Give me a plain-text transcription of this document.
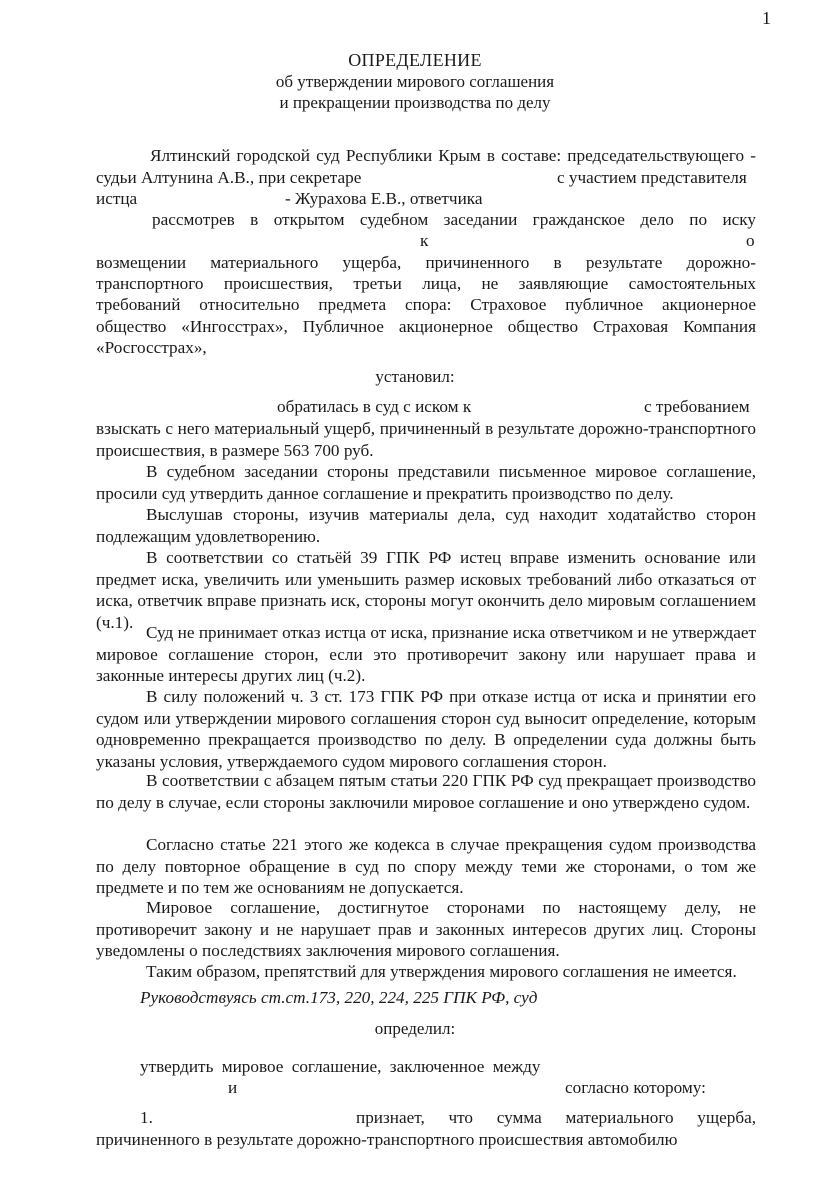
1
ОПРЕДЕЛЕНИЕ
об утверждении мирового соглашения
и прекращении производства по делу
Ялтинский городской суд Республики Крым в составе: председательствующего -
судьи Алтунина А.В., при секретаре	с участием представителя
истца	- Журахова Е.В., ответчика
рассмотрев в открытом судебном заседании гражданское дело по иску
к	о
возмещении материального ущерба, причиненного в результате дорожно-
транспортного происшествия, третьи лица, не заявляющие самостоятельных
требований относительно предмета спора: Страховое публичное акционерное
общество «Ингосстрах», Публичное акционерное общество Страховая Компания
«Росгосстрах»,
установил:
обратилась в суд с иском к	с требованием
взыскать с него материальный ущерб, причиненный в результате дорожно-транспортного происшествия, в размере 563 700 руб.
В судебном заседании стороны представили письменное мировое соглашение, просили суд утвердить данное соглашение и прекратить производство по делу.
Выслушав стороны, изучив материалы дела, суд находит ходатайство сторон подлежащим удовлетворению.
В соответствии со статьёй 39 ГПК РФ истец вправе изменить основание или предмет иска, увеличить или уменьшить размер исковых требований либо отказаться от иска, ответчик вправе признать иск, стороны могут окончить дело мировым соглашением (ч.1).
Суд не принимает отказ истца от иска, признание иска ответчиком и не утверждает мировое соглашение сторон, если это противоречит закону или нарушает права и законные интересы других лиц (ч.2).
В силу положений ч. 3 ст. 173 ГПК РФ при отказе истца от иска и принятии его судом или утверждении мирового соглашения сторон суд выносит определение, которым одновременно прекращается производство по делу. В определении суда должны быть указаны условия, утверждаемого судом мирового соглашения сторон.
В соответствии с абзацем пятым статьи 220 ГПК РФ суд прекращает производство по делу в случае, если стороны заключили мировое соглашение и оно утверждено судом.
Согласно статье 221 этого же кодекса в случае прекращения судом производства по делу повторное обращение в суд по спору между теми же сторонами, о том же предмете и по тем же основаниям не допускается.
Мировое соглашение, достигнутое сторонами по настоящему делу, не противоречит закону и не нарушает прав и законных интересов других лиц. Стороны уведомлены о последствиях заключения мирового соглашения.
Таким образом, препятствий для утверждения мирового соглашения не имеется.
Руководствуясь ст.ст.173, 220, 224, 225 ГПК РФ, суд
определил:
утвердить мировое соглашение, заключенное между
и	согласно которому:
1.	признает, что сумма материального ущерба,
причиненного в результате дорожно-транспортного происшествия автомобилю
